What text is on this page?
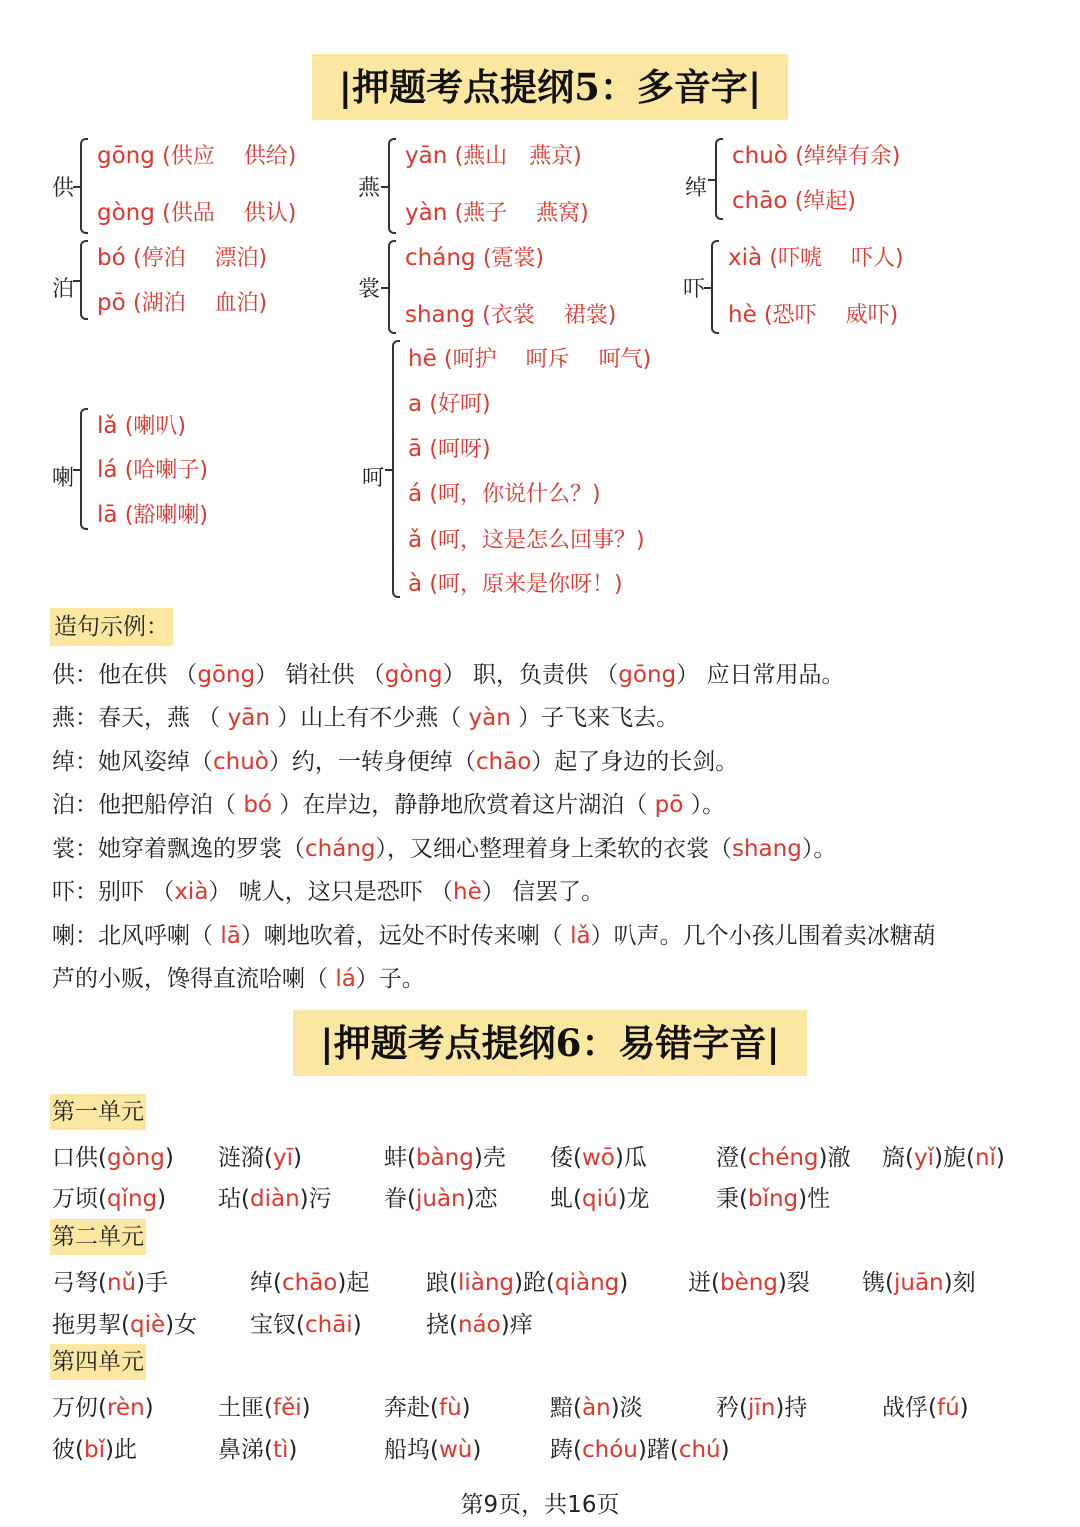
|押题考点提纲5：多音字|
供
gōng (供应　 供给)
gòng (供品　 供认)
燕
yān (燕山　燕京)
yàn (燕子　 燕窝)
绰
chuò (绰绰有余)
chāo (绰起)
泊
bó (停泊　 漂泊)
pō (湖泊　 血泊)
裳
cháng (霓裳)
shang (衣裳　 裙裳)
吓
xià (吓唬　 吓人)
hè (恐吓　 威吓)
喇
lǎ (喇叭)
lá (哈喇子)
lā (豁喇喇)
呵
hē (呵护　 呵斥　 呵气)
a (好呵)
ā (呵呀)
á (呵，你说什么？)
ǎ (呵，这是怎么回事？)
à (呵，原来是你呀！)
造句示例：
供：他在供 （gōng） 销社供 （gòng） 职，负责供 （gōng） 应日常用品。
燕：春天，燕 （ yān ）山上有不少燕（ yàn ）子飞来飞去。
绰：她风姿绰（chuò）约，一转身便绰（chāo）起了身边的长剑。
泊：他把船停泊（ bó ）在岸边，静静地欣赏着这片湖泊（ pō ）。
裳：她穿着飘逸的罗裳（cháng），又细心整理着身上柔软的衣裳（shang）。
吓：别吓 （xià） 唬人，这只是恐吓 （hè） 信罢了。
喇：北风呼喇（ lā）喇地吹着，远处不时传来喇（ lǎ）叭声。几个小孩儿围着卖冰糖葫
芦的小贩，馋得直流哈喇（ lá）子。
|押题考点提纲6：易错字音|
第一单元
口供(gòng) 涟漪(yī)	蚌(bàng)壳 倭(wō)瓜	澄(chéng)澈 旖(yǐ)旎(nǐ)
万顷(qǐng) 玷(diàn)污 眷(juàn)恋 虬(qiú)龙	秉(bǐng)性
第二单元
弓弩(nǔ)手	绰(chāo)起 踉(liàng)跄(qiàng)	迸(bèng)裂 镌(juān)刻
拖男挈(qiè)女 宝钗(chāi)	挠(náo)痒
第四单元
万仞(rèn)	土匪(fěi)	奔赴(fù)	黯(àn)淡	矜(jīn)持	战俘(fú)
彼(bǐ)此	鼻涕(tì)	船坞(wù)	踌(chóu)躇(chú)
第9页，共16页
